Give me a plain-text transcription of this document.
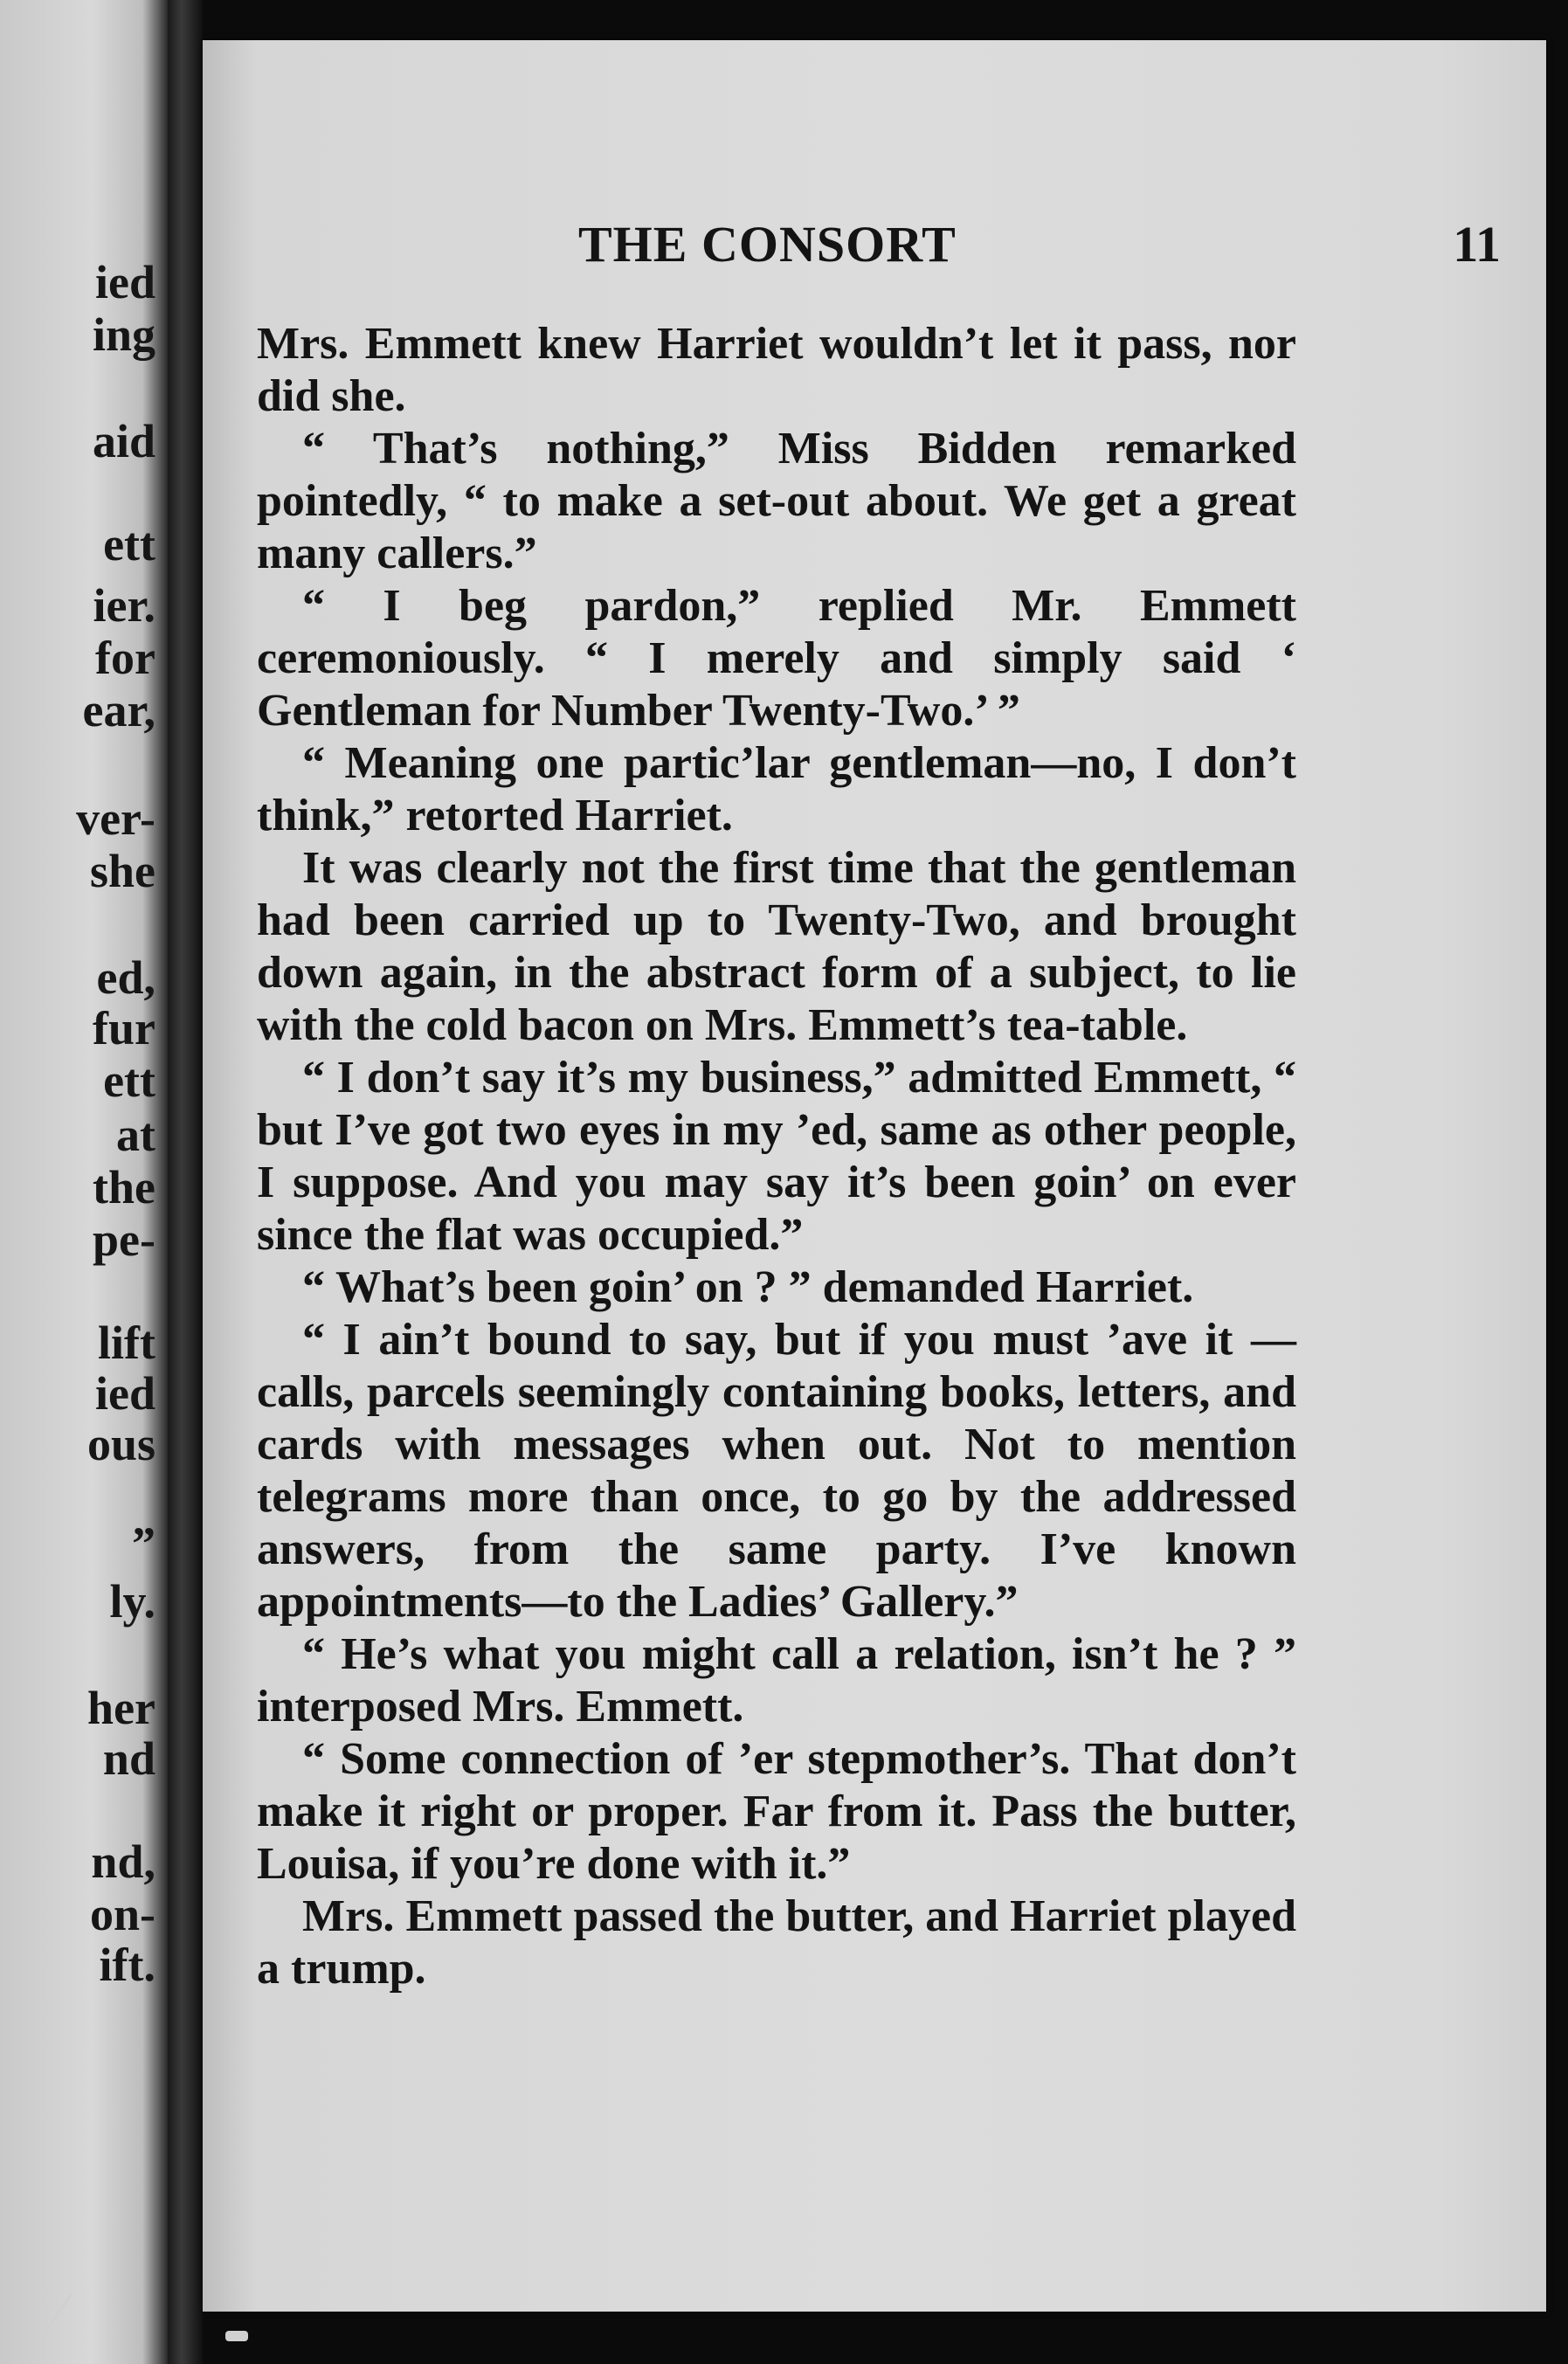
ied
ing
aid
ett
ier.
for
ear,
ver-
she
ed,
fur
ett
at
the
pe-
lift
ied
ous
”
ly.
her
nd
nd,
on-
ift.
THE CONSORT	11

Mrs. Emmett knew Harriet wouldn’t let it pass, nor did she.

“ That’s nothing,” Miss Bidden remarked pointedly, “ to make a set-out about. We get a great many callers.”

“ I beg pardon,” replied Mr. Emmett ceremoniously. “ I merely and simply said ‘ Gentleman for Number Twenty-Two.’ ”

“ Meaning one partic’lar gentleman—no, I don’t think,” retorted Harriet.

It was clearly not the first time that the gentleman had been carried up to Twenty-Two, and brought down again, in the abstract form of a subject, to lie with the cold bacon on Mrs. Emmett’s tea-table.

“ I don’t say it’s my business,” admitted Emmett, “ but I’ve got two eyes in my ’ed, same as other people, I suppose. And you may say it’s been goin’ on ever since the flat was occupied.”

“ What’s been goin’ on ? ” demanded Harriet.

“ I ain’t bound to say, but if you must ’ave it —calls, parcels seemingly containing books, letters, and cards with messages when out. Not to mention telegrams more than once, to go by the addressed answers, from the same party. I’ve known appointments—to the Ladies’ Gallery.”

“ He’s what you might call a relation, isn’t he ? ” interposed Mrs. Emmett.

“ Some connection of ’er stepmother’s. That don’t make it right or proper. Far from it. Pass the butter, Louisa, if you’re done with it.”

Mrs. Emmett passed the butter, and Harriet played a trump.
